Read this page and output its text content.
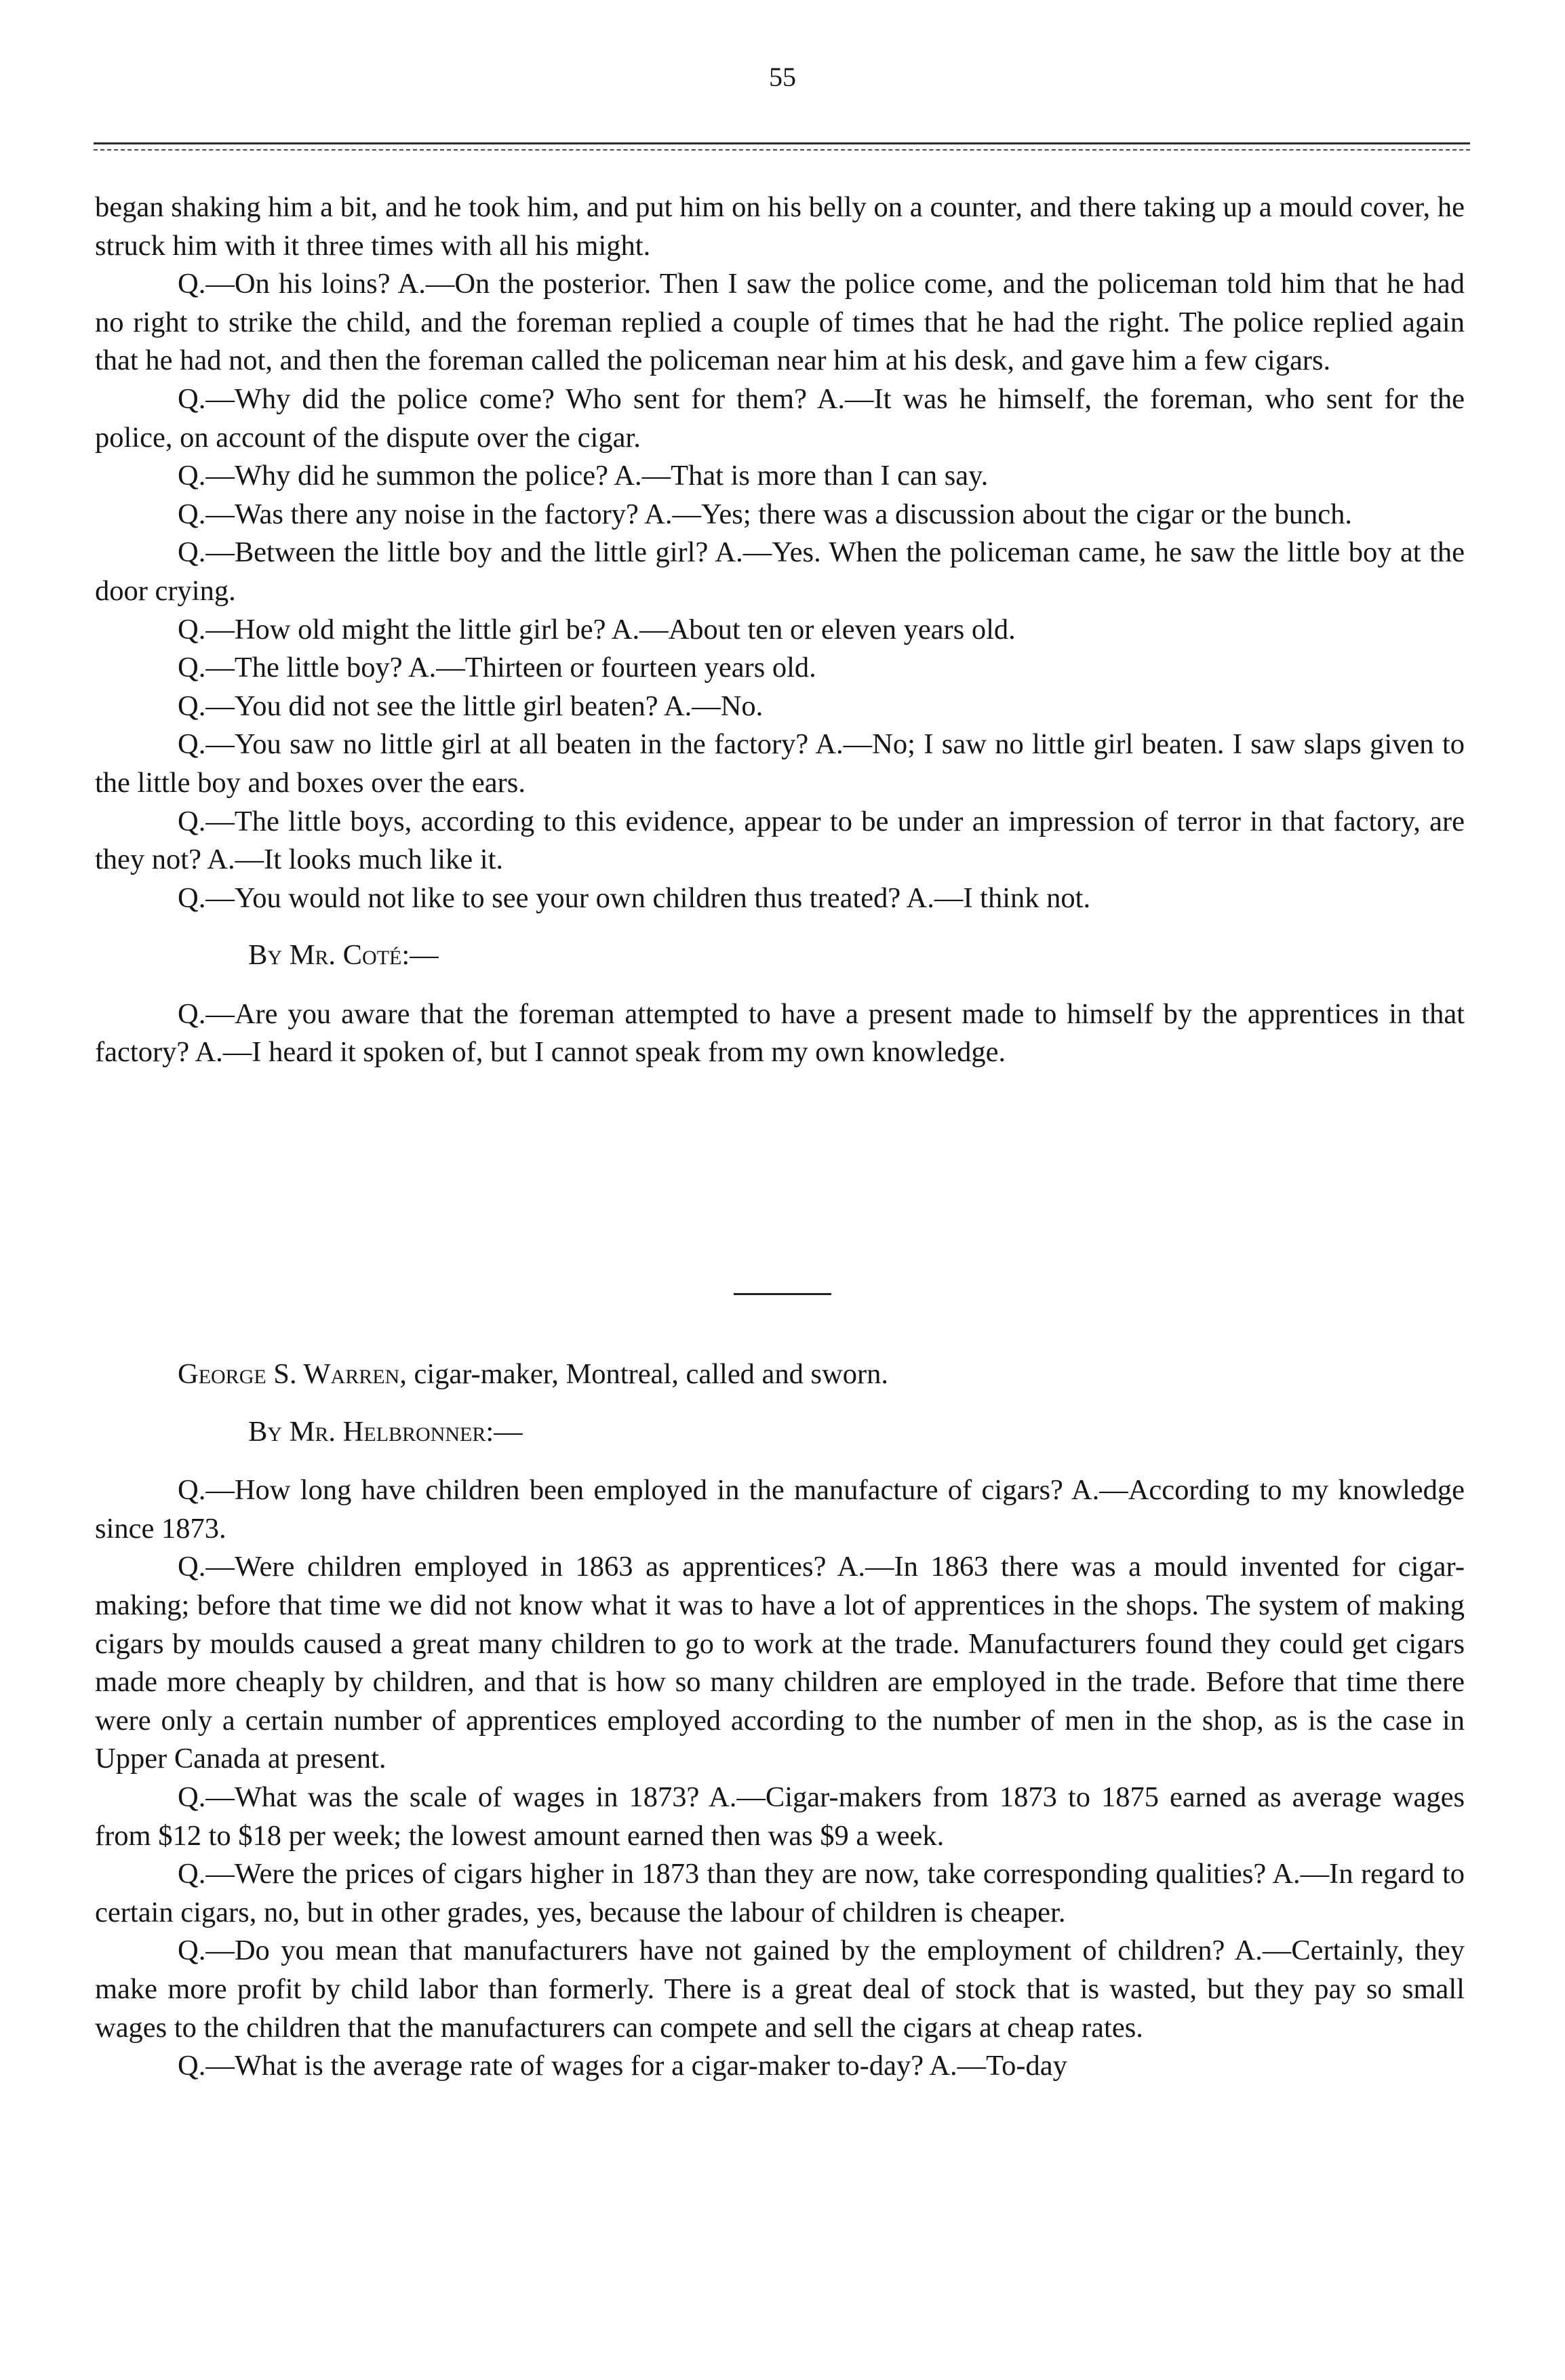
55

began shaking him a bit, and he took him, and put him on his belly on a counter, and there taking up a mould cover, he struck him with it three times with all his might.

Q.—On his loins? A.—On the posterior. Then I saw the police come, and the policeman told him that he had no right to strike the child, and the foreman replied a couple of times that he had the right. The police replied again that he had not, and then the foreman called the policeman near him at his desk, and gave him a few cigars.

Q.—Why did the police come? Who sent for them? A.—It was he himself, the foreman, who sent for the police, on account of the dispute over the cigar.

Q.—Why did he summon the police? A.—That is more than I can say.

Q.—Was there any noise in the factory? A.—Yes; there was a discussion about the cigar or the bunch.

Q.—Between the little boy and the little girl? A.—Yes. When the policeman came, he saw the little boy at the door crying.

Q.—How old might the little girl be? A.—About ten or eleven years old.

Q.—The little boy? A.—Thirteen or fourteen years old.

Q.—You did not see the little girl beaten? A.—No.

Q.—You saw no little girl at all beaten in the factory? A.—No; I saw no little girl beaten. I saw slaps given to the little boy and boxes over the ears.

Q.—The little boys, according to this evidence, appear to be under an impression of terror in that factory, are they not? A.—It looks much like it.

Q.—You would not like to see your own children thus treated? A.—I think not.

By Mr. Coté:—

Q.—Are you aware that the foreman attempted to have a present made to himself by the apprentices in that factory? A.—I heard it spoken of, but I cannot speak from my own knowledge.

George S. Warren, cigar-maker, Montreal, called and sworn.

By Mr. Helbronner:—

Q.—How long have children been employed in the manufacture of cigars? A.—According to my knowledge since 1873.

Q.—Were children employed in 1863 as apprentices? A.—In 1863 there was a mould invented for cigar-making; before that time we did not know what it was to have a lot of apprentices in the shops. The system of making cigars by moulds caused a great many children to go to work at the trade. Manufacturers found they could get cigars made more cheaply by children, and that is how so many children are employed in the trade. Before that time there were only a certain number of apprentices employed according to the number of men in the shop, as is the case in Upper Canada at present.

Q.—What was the scale of wages in 1873? A.—Cigar-makers from 1873 to 1875 earned as average wages from $12 to $18 per week; the lowest amount earned then was $9 a week.

Q.—Were the prices of cigars higher in 1873 than they are now, take corresponding qualities? A.—In regard to certain cigars, no, but in other grades, yes, because the labour of children is cheaper.

Q.—Do you mean that manufacturers have not gained by the employment of children? A.—Certainly, they make more profit by child labor than formerly. There is a great deal of stock that is wasted, but they pay so small wages to the children that the manufacturers can compete and sell the cigars at cheap rates.

Q.—What is the average rate of wages for a cigar-maker to-day? A.—To-day
